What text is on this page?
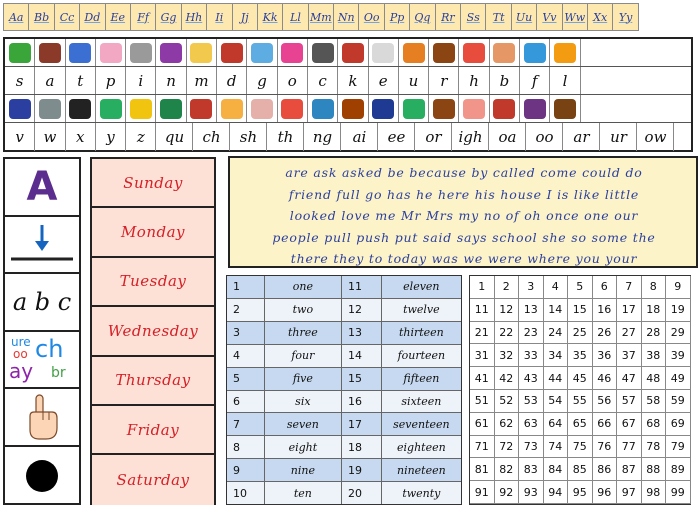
Aa Bb Cc Dd Ee	Ff	Gg Hh	Ii	Jj	Kk	Ll Mm Nn Oo Pp Qq Rr	Ss	Tt	Uu Vv Ww Xx	Yy
s	a	t	p	i	n	m	d	g	o	c	k	e	u	r	h	b	f	l
v	w	x	y	z	qu	ch	sh	th	ng	ai	ee	or	igh	oa	oo	ar	ur	ow
A
a b c
ure
oo ch
ay br
Sunday
Monday
Tuesday
Wednesday
Thursday
Friday
Saturday
are ask asked be because by called come could do
friend full go has he here his house I is like little
looked love me Mr Mrs my no of oh once one our
people pull push put said says school she so some the
there they to today was we were where you your
1	one	11	eleven
2	two	12	twelve
3	three	13	thirteen
4	four	14	fourteen
5	five	15	fifteen
6	six	16	sixteen
7	seven	17	seventeen
8	eight	18	eighteen
9	nine	19	nineteen
10	ten	20	twenty
1	2	3	4	5	6	7	8	9
11 12 13 14 15 16 17 18 19
21 22 23 24 25 26 27 28 29
31 32 33 34 35 36 37 38 39
41 42 43 44 45 46 47 48 49
51 52 53 54 55 56 57 58 59
61 62 63 64 65 66 67 68 69
71 72 73 74 75 76 77 78 79
81 82 83 84 85 86 87 88 89
91 92 93 94 95 96 97 98 99
